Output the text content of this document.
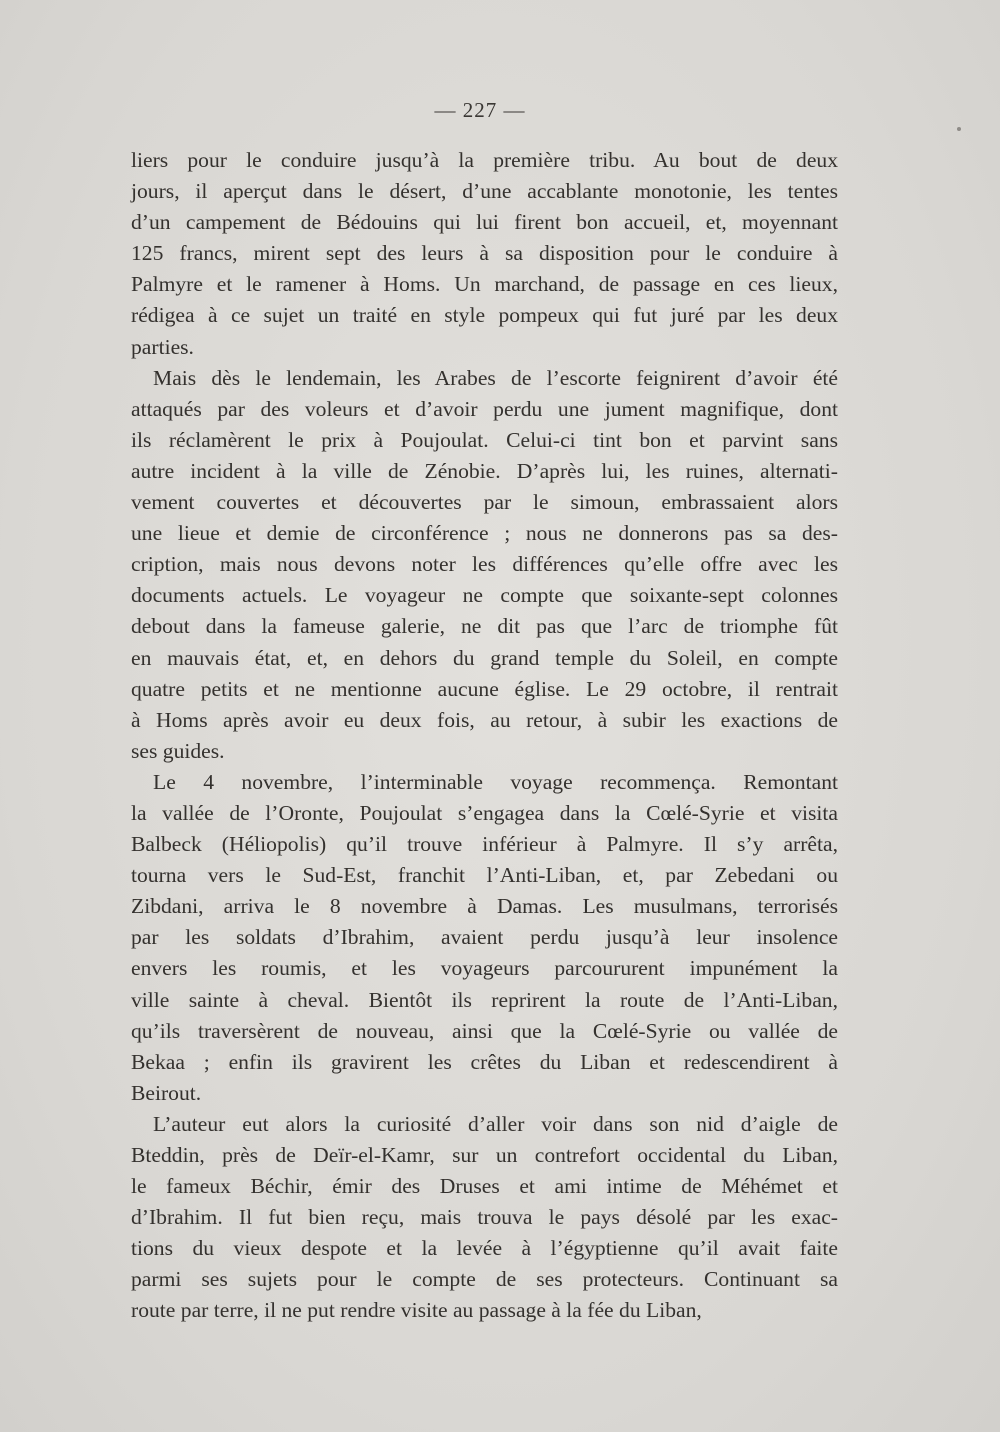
— 227 —
liers pour le conduire jusqu’à la première tribu. Au bout de deux
jours, il aperçut dans le désert, d’une accablante monotonie, les tentes
d’un campement de Bédouins qui lui firent bon accueil, et, moyennant
125 francs, mirent sept des leurs à sa disposition pour le conduire à
Palmyre et le ramener à Homs. Un marchand, de passage en ces lieux,
rédigea à ce sujet un traité en style pompeux qui fut juré par les deux
parties.
Mais dès le lendemain, les Arabes de l’escorte feignirent d’avoir été
attaqués par des voleurs et d’avoir perdu une jument magnifique, dont
ils réclamèrent le prix à Poujoulat. Celui-ci tint bon et parvint sans
autre incident à la ville de Zénobie. D’après lui, les ruines, alternati-
vement couvertes et découvertes par le simoun, embrassaient alors
une lieue et demie de circonférence ; nous ne donnerons pas sa des-
cription, mais nous devons noter les différences qu’elle offre avec les
documents actuels. Le voyageur ne compte que soixante-sept colonnes
debout dans la fameuse galerie, ne dit pas que l’arc de triomphe fût
en mauvais état, et, en dehors du grand temple du Soleil, en compte
quatre petits et ne mentionne aucune église. Le 29 octobre, il rentrait
à Homs après avoir eu deux fois, au retour, à subir les exactions de
ses guides.
Le 4 novembre, l’interminable voyage recommença. Remontant
la vallée de l’Oronte, Poujoulat s’engagea dans la Cœlé-Syrie et visita
Balbeck (Héliopolis) qu’il trouve inférieur à Palmyre. Il s’y arrêta,
tourna vers le Sud-Est, franchit l’Anti-Liban, et, par Zebedani ou
Zibdani, arriva le 8 novembre à Damas. Les musulmans, terrorisés
par les soldats d’Ibrahim, avaient perdu jusqu’à leur insolence
envers les roumis, et les voyageurs parcoururent impunément la
ville sainte à cheval. Bientôt ils reprirent la route de l’Anti-Liban,
qu’ils traversèrent de nouveau, ainsi que la Cœlé-Syrie ou vallée de
Bekaa ; enfin ils gravirent les crêtes du Liban et redescendirent à
Beirout.
L’auteur eut alors la curiosité d’aller voir dans son nid d’aigle de
Bteddin, près de Deïr-el-Kamr, sur un contrefort occidental du Liban,
le fameux Béchir, émir des Druses et ami intime de Méhémet et
d’Ibrahim. Il fut bien reçu, mais trouva le pays désolé par les exac-
tions du vieux despote et la levée à l’égyptienne qu’il avait faite
parmi ses sujets pour le compte de ses protecteurs. Continuant sa
route par terre, il ne put rendre visite au passage à la fée du Liban,
